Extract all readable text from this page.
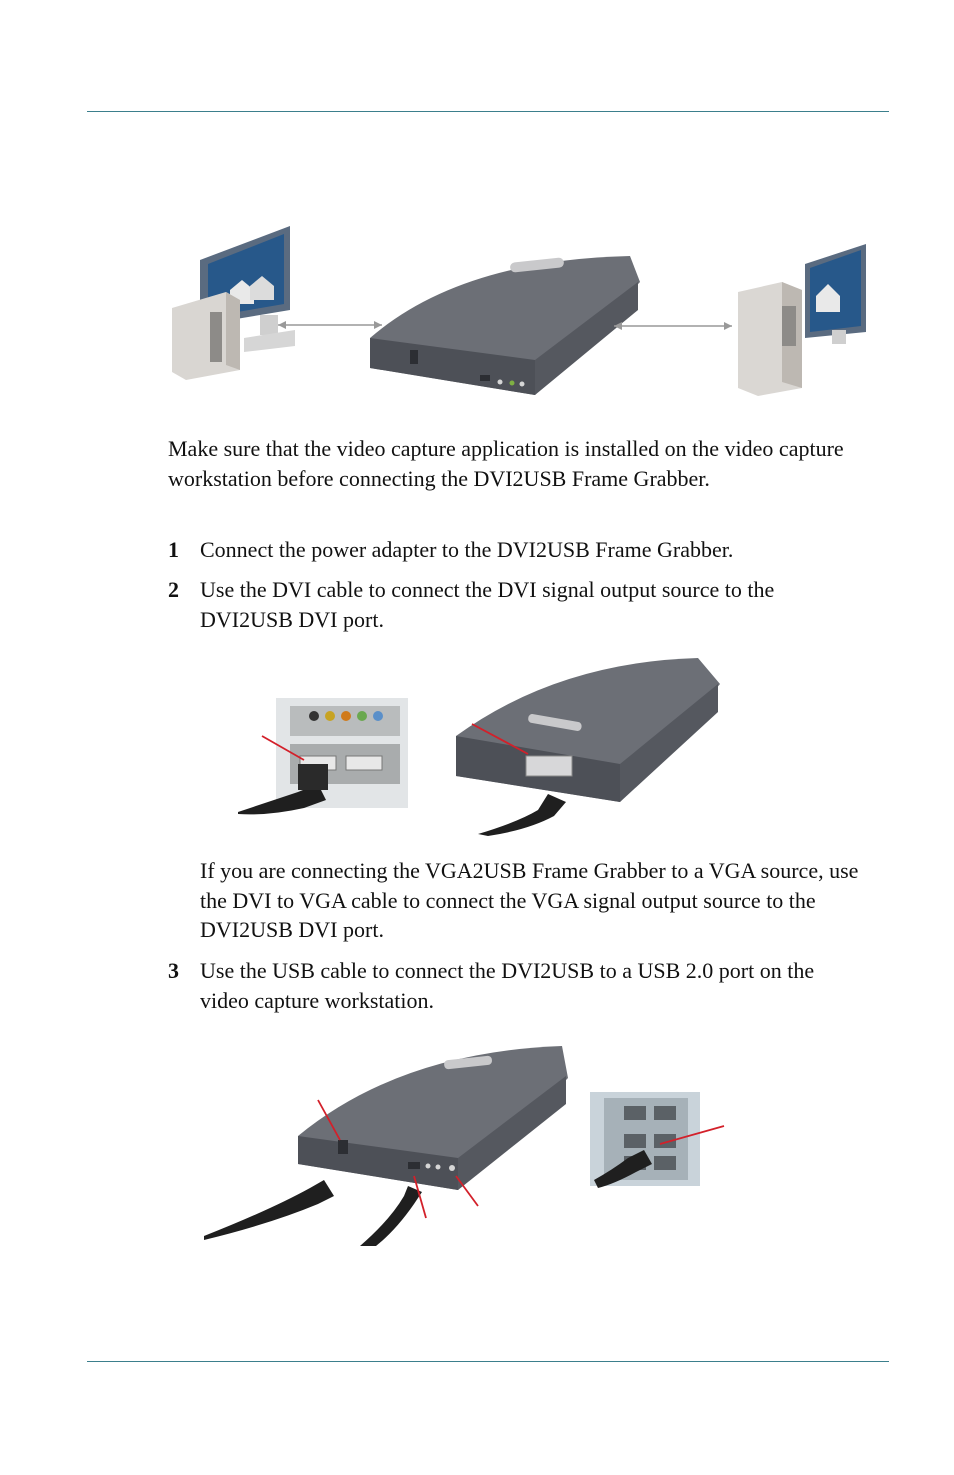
Make sure that the video capture application is installed on the video capture workstation before connecting the DVI2USB Frame Grabber.

1 Connect the power adapter to the DVI2USB Frame Grabber.
2 Use the DVI cable to connect the DVI signal output source to the DVI2USB DVI port.
If you are connecting the VGA2USB Frame Grabber to a VGA source, use the DVI to VGA cable to connect the VGA signal output source to the DVI2USB DVI port.
3 Use the USB cable to connect the DVI2USB to a USB 2.0 port on the video capture workstation.
